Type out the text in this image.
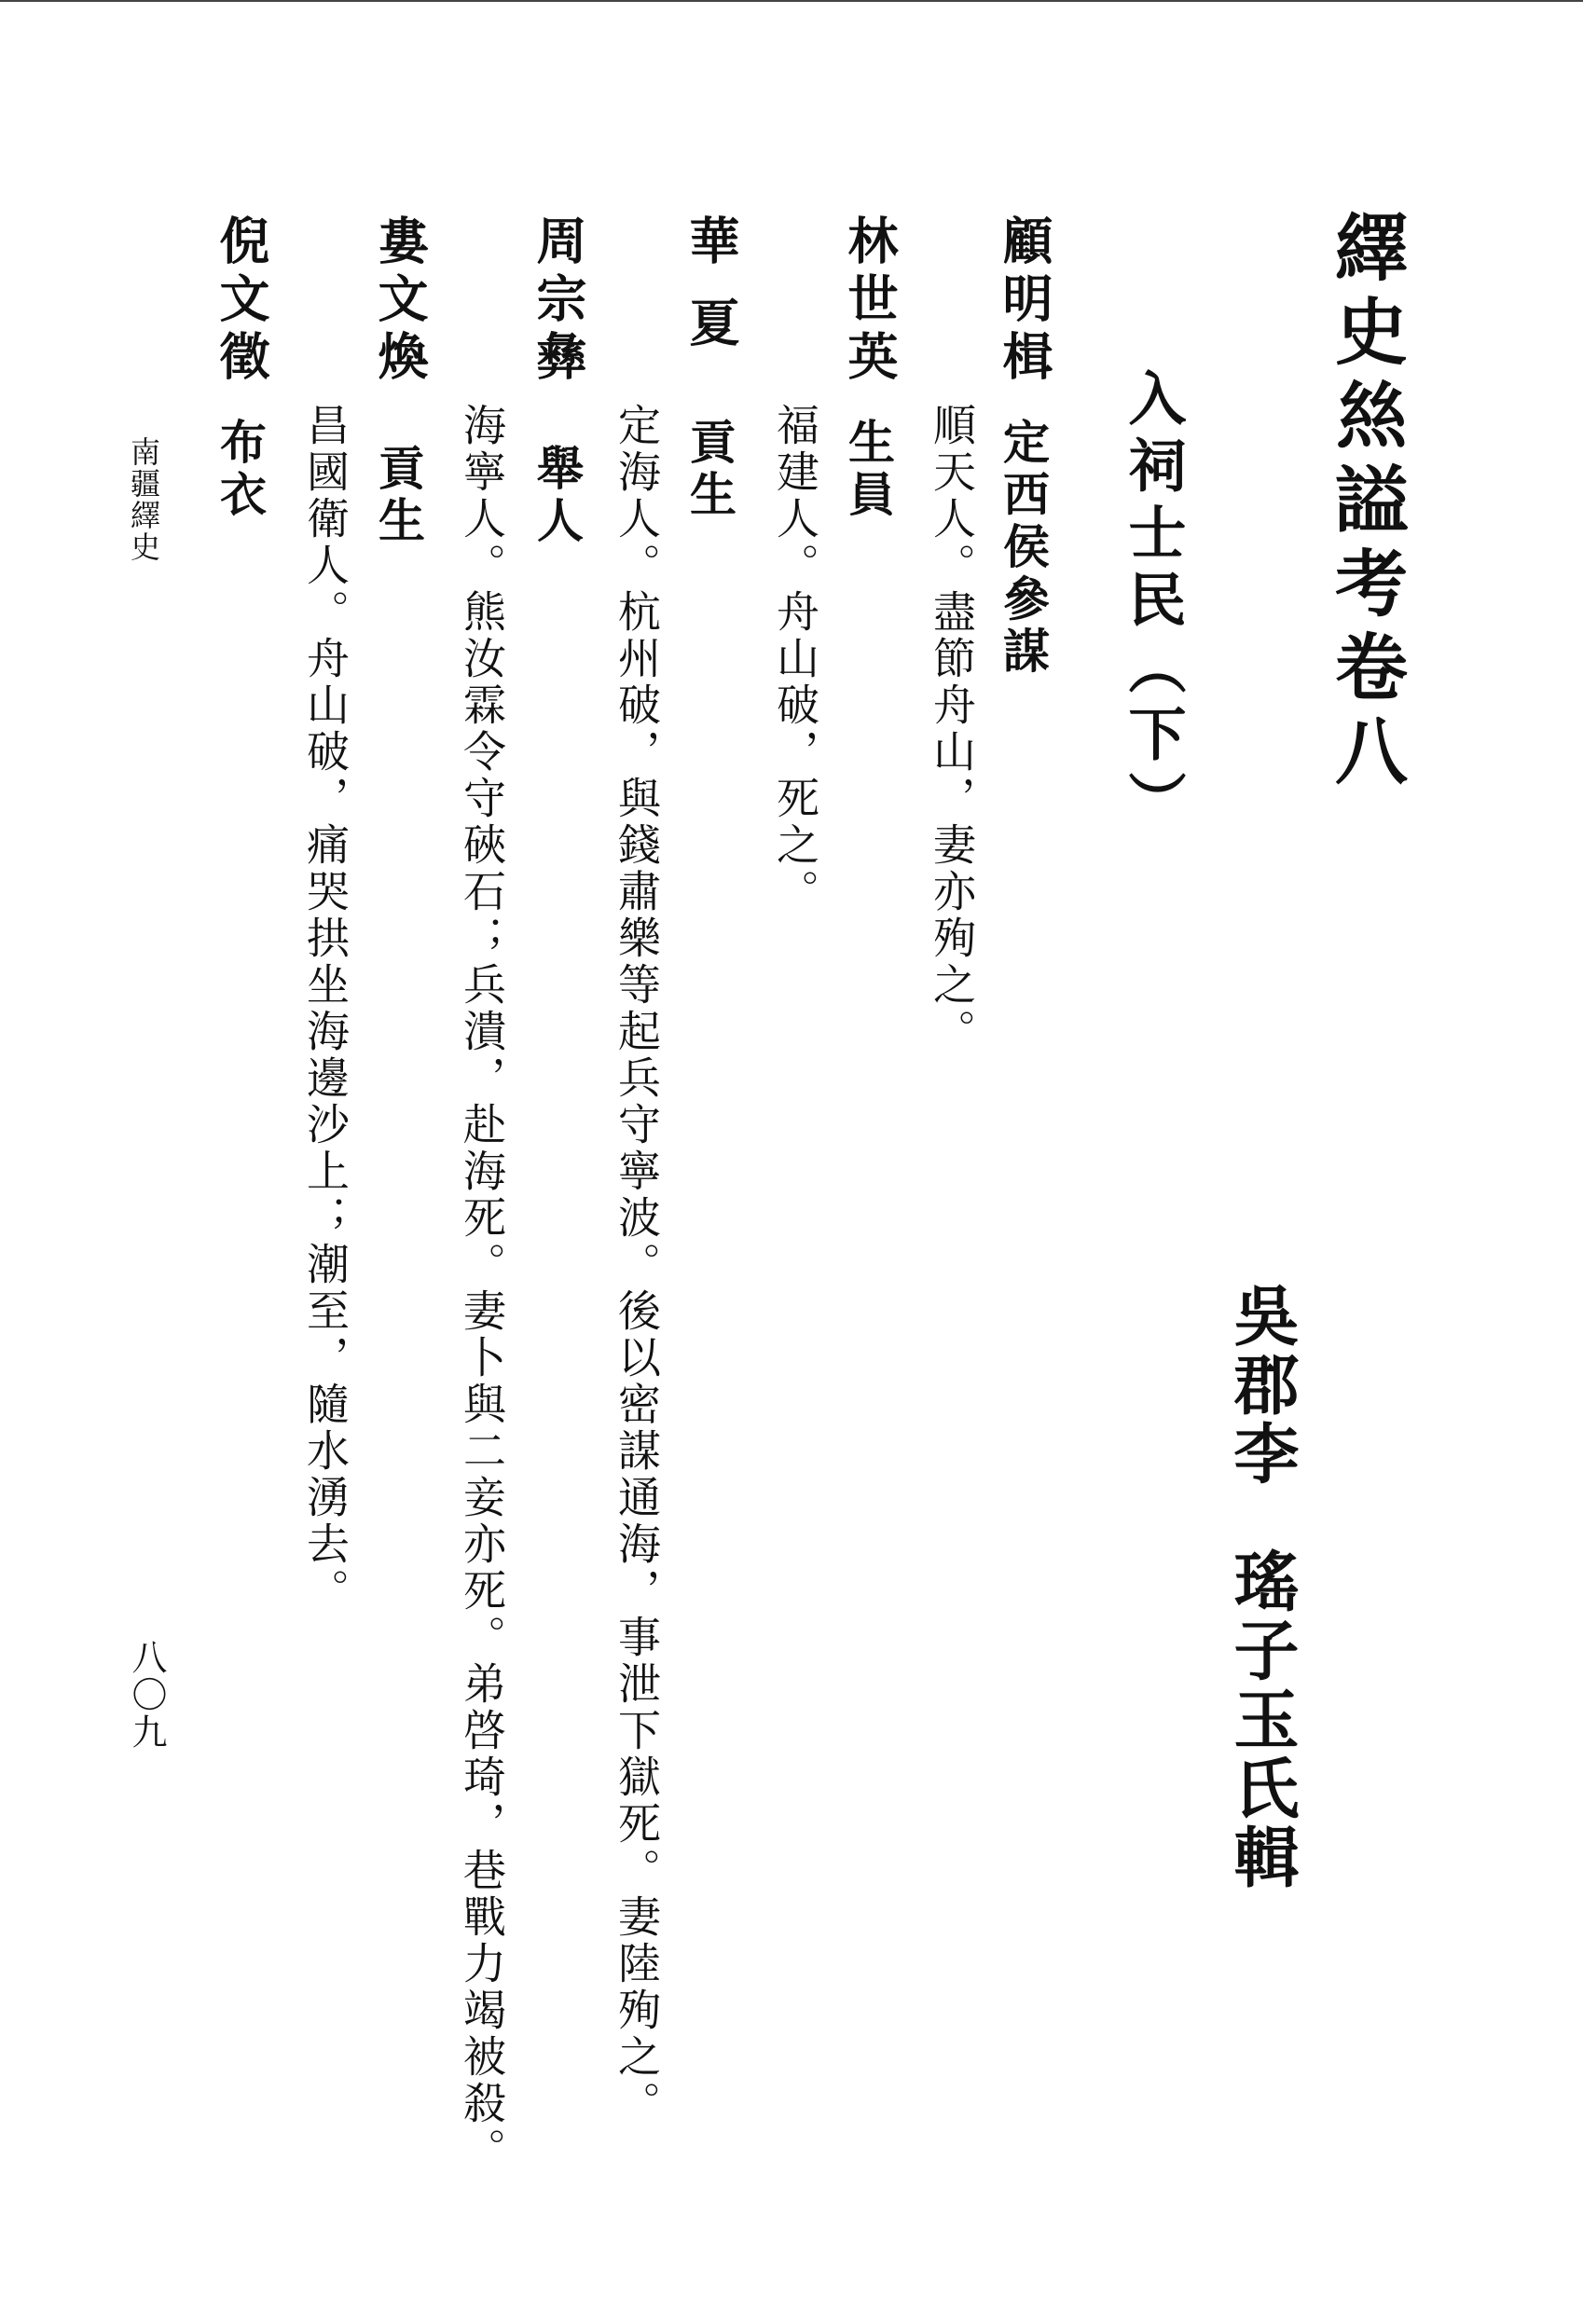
繹史𢇁謚考卷八
吳郡李
瑤子玉氏輯
入祠士民（下）
顧明楫
定西侯參謀
順天人。盡節舟山，妻亦殉之。
林世英
生員
福建人。舟山破，死之。
華夏
貢生
定海人。杭州破，與錢肅樂等起兵守寧波。後以密謀通海，事泄下獄死。妻陸殉之。
周宗彝
舉人
海寧人。熊汝霖令守硤石；兵潰，赴海死。妻卜與二妾亦死。弟啓琦，巷戰力竭被殺。
婁文煥
貢生
昌國衛人。舟山破，痛哭拱坐海邊沙上；潮至，隨水湧去。
倪文徵
布衣
南疆繹史
八〇九
